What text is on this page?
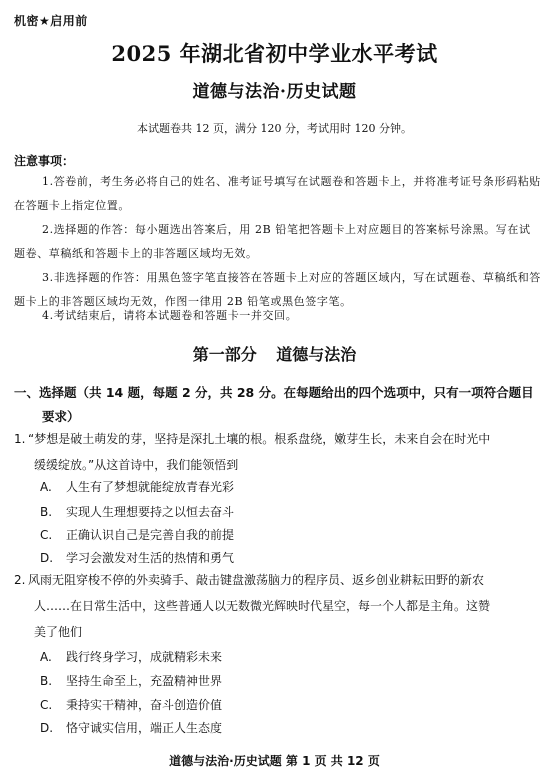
机密★启用前
2025 年湖北省初中学业水平考试
道德与法治·历史试题
本试题卷共 12 页，满分 120 分，考试用时 120 分钟。
注意事项：
1.答卷前，考生务必将自己的姓名、准考证号填写在试题卷和答题卡上，并将准考证号条形码粘贴在答题卡上指定位置。
2.选择题的作答：每小题选出答案后，用 2B 铅笔把答题卡上对应题目的答案标号涂黑。写在试题卷、草稿纸和答题卡上的非答题区域均无效。
3.非选择题的作答：用黑色签字笔直接答在答题卡上对应的答题区域内，写在试题卷、草稿纸和答题卡上的非答题区域均无效，作图一律用 2B 铅笔或黑色签字笔。
4.考试结束后，请将本试题卷和答题卡一并交回。
第一部分 道德与法治
一、选择题（共 14 题，每题 2 分，共 28 分。在每题给出的四个选项中，只有一项符合题目
要求）
1. “梦想是破土萌发的芽，坚持是深扎土壤的根。根系盘绕，嫩芽生长，未来自会在时光中
缓缓绽放。”从这首诗中，我们能领悟到
A. 人生有了梦想就能绽放青春光彩
B. 实现人生理想要持之以恒去奋斗
C. 正确认识自己是完善自我的前提
D. 学习会激发对生活的热情和勇气
2. 风雨无阻穿梭不停的外卖骑手、敲击键盘激荡脑力的程序员、返乡创业耕耘田野的新农
人……在日常生活中，这些普通人以无数微光辉映时代星空，每一个人都是主角。这赞
美了他们
A. 践行终身学习，成就精彩未来
B. 坚持生命至上，充盈精神世界
C. 秉持实干精神，奋斗创造价值
D. 恪守诚实信用，端正人生态度
道德与法治·历史试题 第 1 页 共 12 页
